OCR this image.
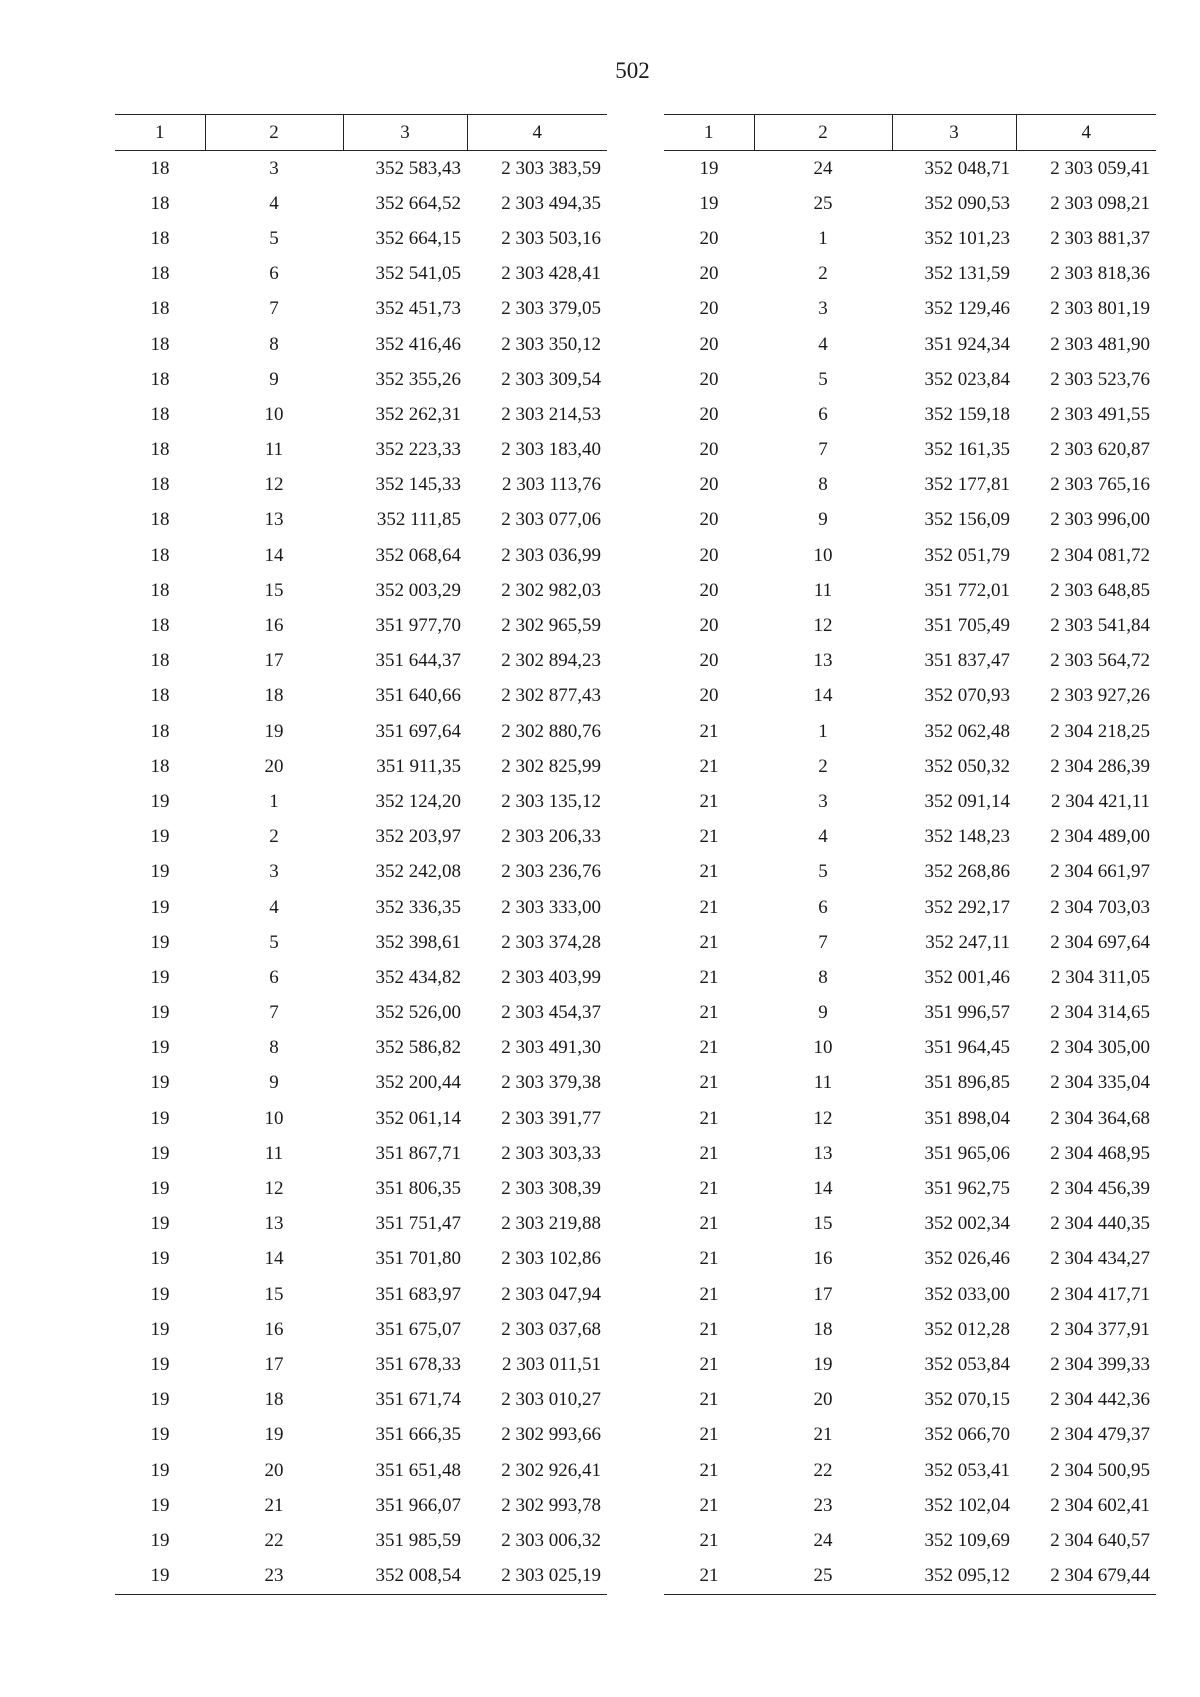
502
1	2	3	4
18	3	352 583,43	2 303 383,59
18	4	352 664,52	2 303 494,35
18	5	352 664,15	2 303 503,16
18	6	352 541,05	2 303 428,41
18	7	352 451,73	2 303 379,05
18	8	352 416,46	2 303 350,12
18	9	352 355,26	2 303 309,54
18	10	352 262,31	2 303 214,53
18	11	352 223,33	2 303 183,40
18	12	352 145,33	2 303 113,76
18	13	352 111,85	2 303 077,06
18	14	352 068,64	2 303 036,99
18	15	352 003,29	2 302 982,03
18	16	351 977,70	2 302 965,59
18	17	351 644,37	2 302 894,23
18	18	351 640,66	2 302 877,43
18	19	351 697,64	2 302 880,76
18	20	351 911,35	2 302 825,99
19	1	352 124,20	2 303 135,12
19	2	352 203,97	2 303 206,33
19	3	352 242,08	2 303 236,76
19	4	352 336,35	2 303 333,00
19	5	352 398,61	2 303 374,28
19	6	352 434,82	2 303 403,99
19	7	352 526,00	2 303 454,37
19	8	352 586,82	2 303 491,30
19	9	352 200,44	2 303 379,38
19	10	352 061,14	2 303 391,77
19	11	351 867,71	2 303 303,33
19	12	351 806,35	2 303 308,39
19	13	351 751,47	2 303 219,88
19	14	351 701,80	2 303 102,86
19	15	351 683,97	2 303 047,94
19	16	351 675,07	2 303 037,68
19	17	351 678,33	2 303 011,51
19	18	351 671,74	2 303 010,27
19	19	351 666,35	2 302 993,66
19	20	351 651,48	2 302 926,41
19	21	351 966,07	2 302 993,78
19	22	351 985,59	2 303 006,32
19	23	352 008,54	2 303 025,19
1	2	3	4
19	24	352 048,71	2 303 059,41
19	25	352 090,53	2 303 098,21
20	1	352 101,23	2 303 881,37
20	2	352 131,59	2 303 818,36
20	3	352 129,46	2 303 801,19
20	4	351 924,34	2 303 481,90
20	5	352 023,84	2 303 523,76
20	6	352 159,18	2 303 491,55
20	7	352 161,35	2 303 620,87
20	8	352 177,81	2 303 765,16
20	9	352 156,09	2 303 996,00
20	10	352 051,79	2 304 081,72
20	11	351 772,01	2 303 648,85
20	12	351 705,49	2 303 541,84
20	13	351 837,47	2 303 564,72
20	14	352 070,93	2 303 927,26
21	1	352 062,48	2 304 218,25
21	2	352 050,32	2 304 286,39
21	3	352 091,14	2 304 421,11
21	4	352 148,23	2 304 489,00
21	5	352 268,86	2 304 661,97
21	6	352 292,17	2 304 703,03
21	7	352 247,11	2 304 697,64
21	8	352 001,46	2 304 311,05
21	9	351 996,57	2 304 314,65
21	10	351 964,45	2 304 305,00
21	11	351 896,85	2 304 335,04
21	12	351 898,04	2 304 364,68
21	13	351 965,06	2 304 468,95
21	14	351 962,75	2 304 456,39
21	15	352 002,34	2 304 440,35
21	16	352 026,46	2 304 434,27
21	17	352 033,00	2 304 417,71
21	18	352 012,28	2 304 377,91
21	19	352 053,84	2 304 399,33
21	20	352 070,15	2 304 442,36
21	21	352 066,70	2 304 479,37
21	22	352 053,41	2 304 500,95
21	23	352 102,04	2 304 602,41
21	24	352 109,69	2 304 640,57
21	25	352 095,12	2 304 679,44
